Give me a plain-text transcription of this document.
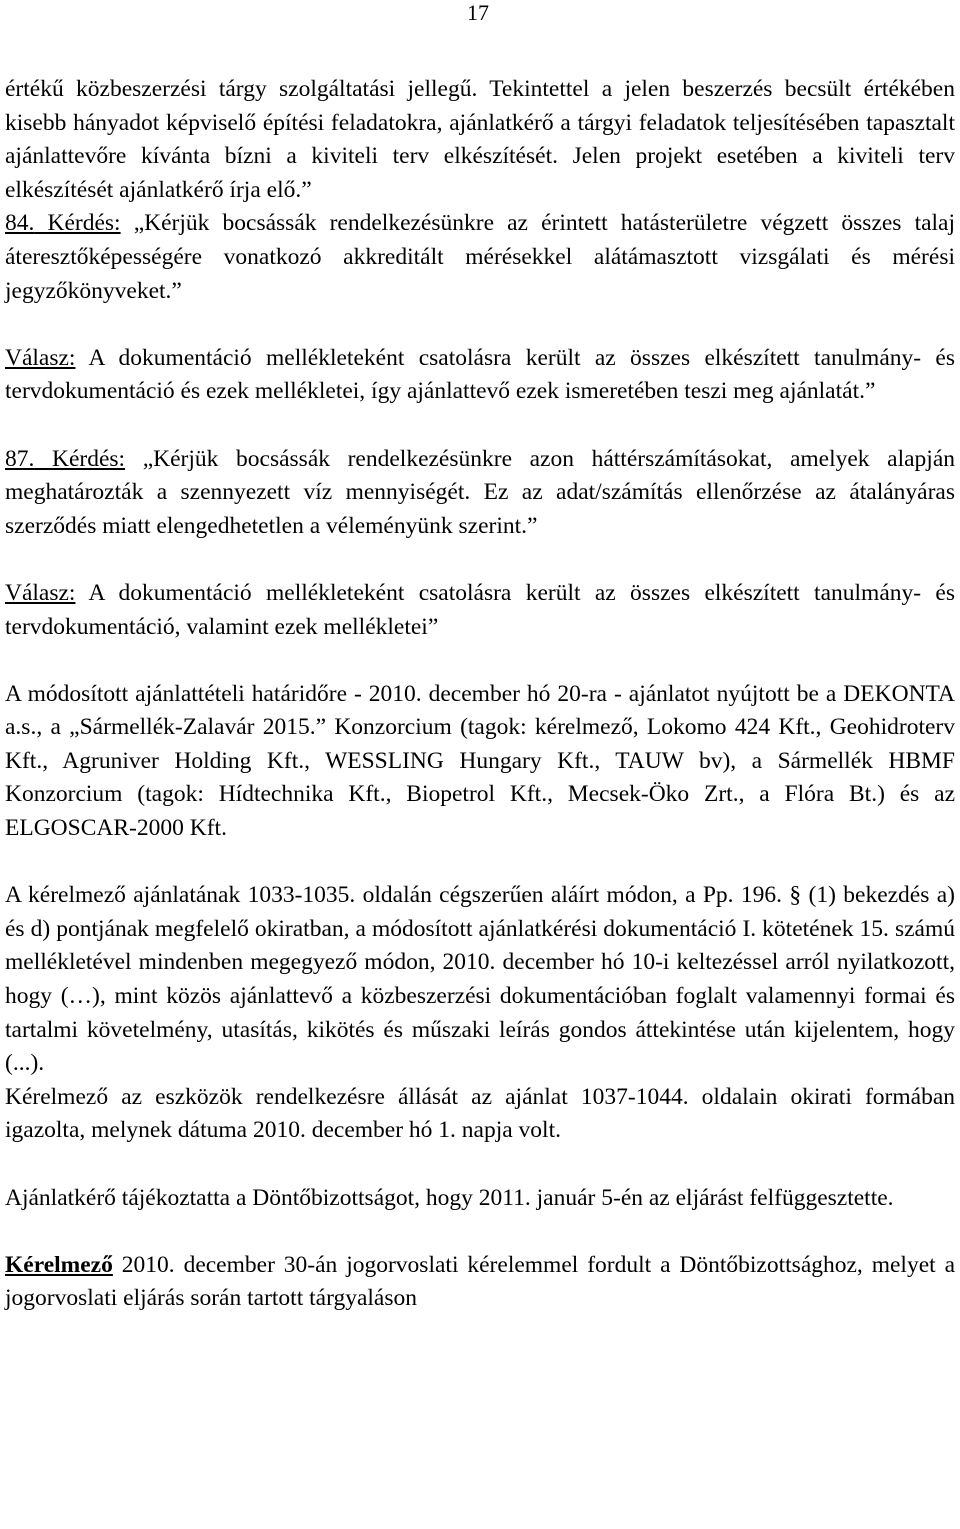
17

értékű közbeszerzési tárgy szolgáltatási jellegű. Tekintettel a jelen beszerzés becsült értékében kisebb hányadot képviselő építési feladatokra, ajánlatkérő a tárgyi feladatok teljesítésében tapasztalt ajánlattevőre kívánta bízni a kiviteli terv elkészítését. Jelen projekt esetében a kiviteli terv elkészítését ajánlatkérő írja elő.”

84. Kérdés: „Kérjük bocsássák rendelkezésünkre az érintett hatásterületre végzett összes talaj áteresztőképességére vonatkozó akkreditált mérésekkel alátámasztott vizsgálati és mérési jegyzőkönyveket.”

Válasz: A dokumentáció mellékleteként csatolásra került az összes elkészített tanulmány- és tervdokumentáció és ezek mellékletei, így ajánlattevő ezek ismeretében teszi meg ajánlatát.”

87. Kérdés: „Kérjük bocsássák rendelkezésünkre azon háttérszámításokat, amelyek alapján meghatározták a szennyezett víz mennyiségét. Ez az adat/számítás ellenőrzése az átalányáras szerződés miatt elengedhetetlen a véleményünk szerint.”

Válasz: A dokumentáció mellékleteként csatolásra került az összes elkészített tanulmány- és tervdokumentáció, valamint ezek mellékletei”

A módosított ajánlattételi határidőre - 2010. december hó 20-ra - ajánlatot nyújtott be a DEKONTA a.s., a „Sármellék-Zalavár 2015.” Konzorcium (tagok: kérelmező, Lokomo 424 Kft., Geohidroterv Kft., Agruniver Holding Kft., WESSLING Hungary Kft., TAUW bv), a Sármellék HBMF Konzorcium (tagok: Hídtechnika Kft., Biopetrol Kft., Mecsek-Öko Zrt., a Flóra Bt.) és az ELGOSCAR-2000 Kft.

A kérelmező ajánlatának 1033-1035. oldalán cégszerűen aláírt módon, a Pp. 196. § (1) bekezdés a) és d) pontjának megfelelő okiratban, a módosított ajánlatkérési dokumentáció I. kötetének 15. számú mellékletével mindenben megegyező módon, 2010. december hó 10-i keltezéssel arról nyilatkozott, hogy (…), mint közös ajánlattevő a közbeszerzési dokumentációban foglalt valamennyi formai és tartalmi követelmény, utasítás, kikötés és műszaki leírás gondos áttekintése után kijelentem, hogy (...).

Kérelmező az eszközök rendelkezésre állását az ajánlat 1037-1044. oldalain okirati formában igazolta, melynek dátuma 2010. december hó 1. napja volt.

Ajánlatkérő tájékoztatta a Döntőbizottságot, hogy 2011. január 5-én az eljárást felfüggesztette.

Kérelmező 2010. december 30-án jogorvoslati kérelemmel fordult a Döntőbizottsághoz, melyet a jogorvoslati eljárás során tartott tárgyaláson
